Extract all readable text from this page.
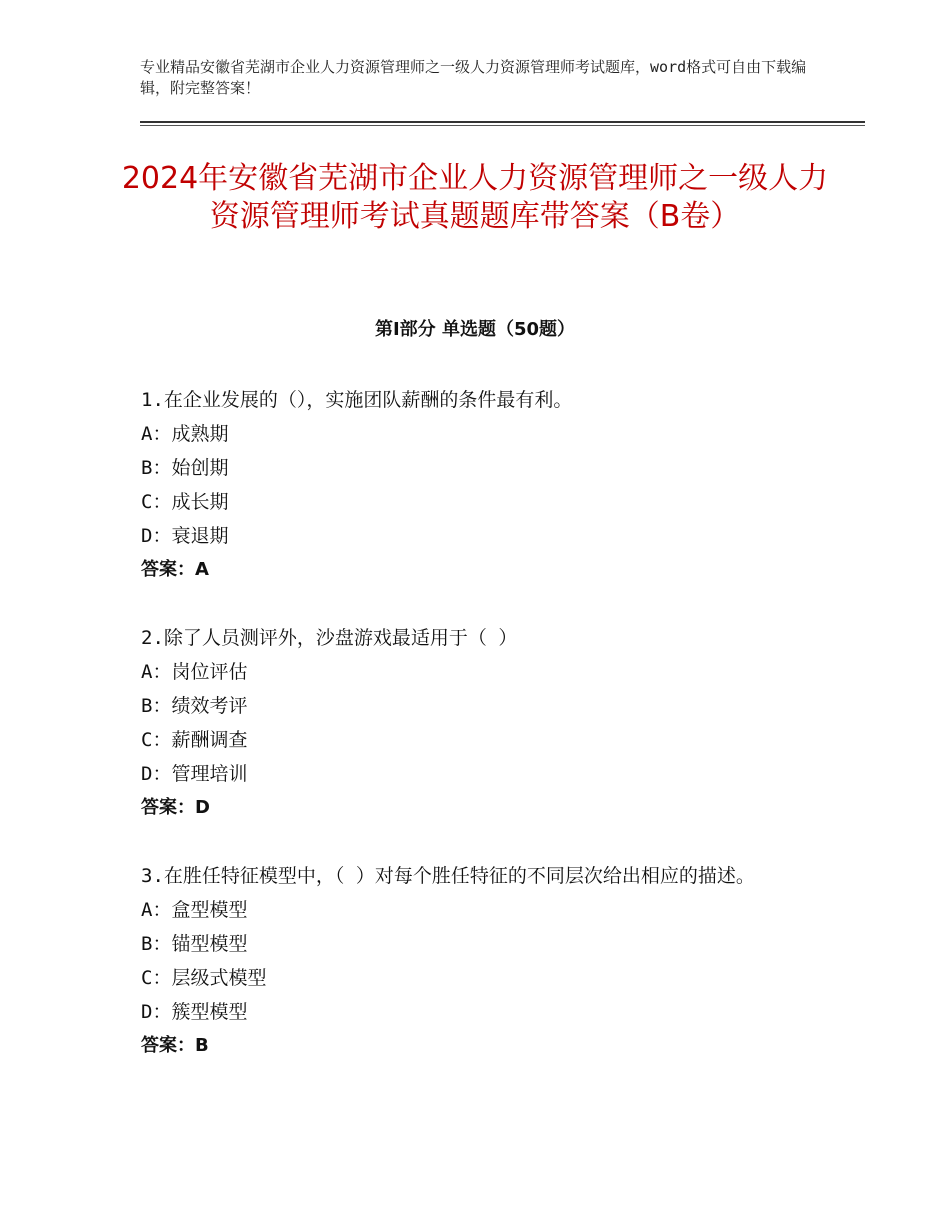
专业精品安徽省芜湖市企业人力资源管理师之一级人力资源管理师考试题库，word格式可自由下载编辑，附完整答案！
2024年安徽省芜湖市企业人力资源管理师之一级人力资源管理师考试真题题库带答案（B卷）
第Ⅰ部分 单选题（50题）

1.在企业发展的（），实施团队薪酬的条件最有利。

A：成熟期

B：始创期

C：成长期

D：衰退期

答案：A

2.除了人员测评外，沙盘游戏最适用于（ ）

A：岗位评估

B：绩效考评

C：薪酬调查

D：管理培训

答案：D

3.在胜任特征模型中，（ ）对每个胜任特征的不同层次给出相应的描述。

A：盒型模型

B：锚型模型

C：层级式模型

D：簇型模型

答案：B
